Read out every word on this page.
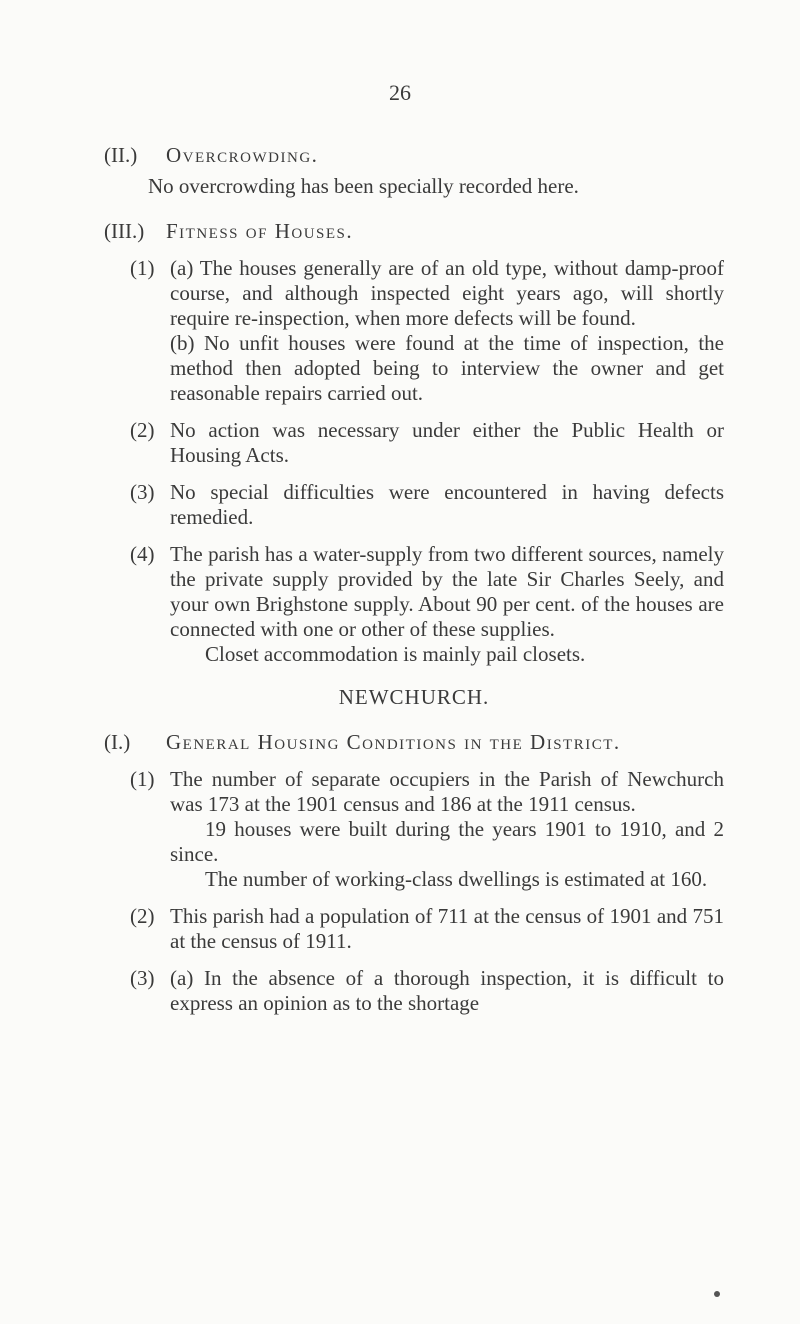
26
(II.) Overcrowding.
No overcrowding has been specially recorded here.
(III.) Fitness of Houses.
(1) (a) The houses generally are of an old type, without damp-proof course, and although inspected eight years ago, will shortly require re-inspection, when more defects will be found.

(b) No unfit houses were found at the time of inspection, the method then adopted being to interview the owner and get reasonable repairs carried out.

(2) No action was necessary under either the Public Health or Housing Acts.

(3) No special difficulties were encountered in having defects remedied.

(4) The parish has a water-supply from two different sources, namely the private supply provided by the late Sir Charles Seely, and your own Brighstone supply. About 90 per cent. of the houses are connected with one or other of these supplies.

Closet accommodation is mainly pail closets.

NEWCHURCH.
(I.) General Housing Conditions in the District.
(1) The number of separate occupiers in the Parish of Newchurch was 173 at the 1901 census and 186 at the 1911 census.

19 houses were built during the years 1901 to 1910, and 2 since.

The number of working-class dwellings is estimated at 160.

(2) This parish had a population of 711 at the census of 1901 and 751 at the census of 1911.

(3) (a) In the absence of a thorough inspection, it is difficult to express an opinion as to the shortage
